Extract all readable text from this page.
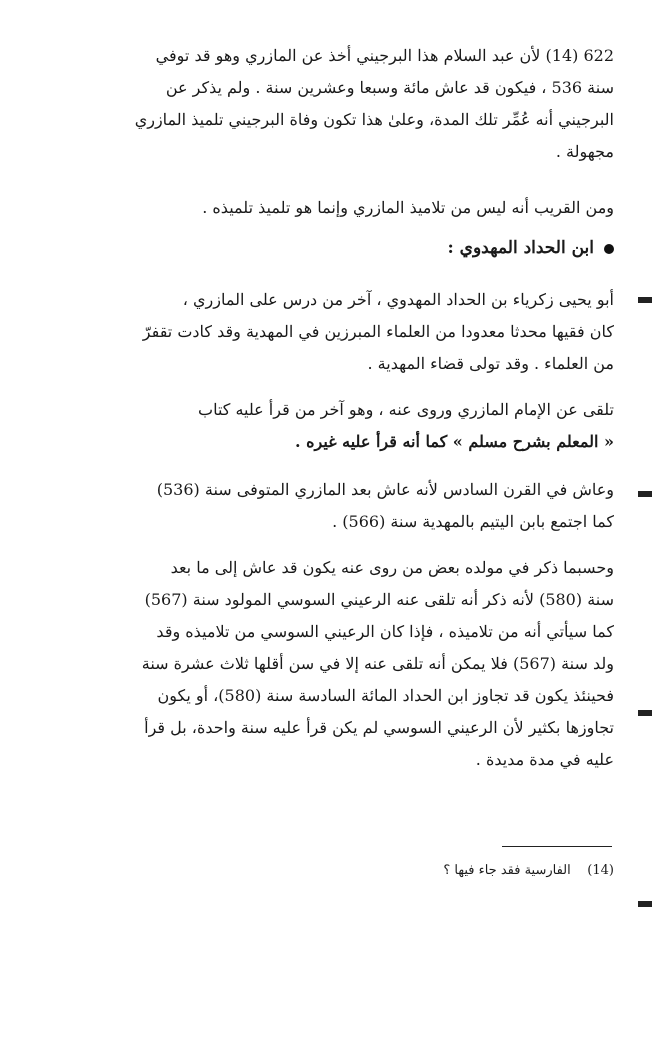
622 ‏(14)‏ لأن عبد السلام هذا البرجيني أخذ عن المازري وهو قد توفي
سنة 536 ، فيكون قد عاش مائة وسبعا وعشرين سنة . ولم يذكر عن
البرجيني أنه عُمِّر تلك المدة، وعلىٰ هذا تكون وفاة البرجيني تلميذ المازري
مجهولة .
ومن القريب أنه ليس من تلاميذ المازري وإنما هو تلميذ تلميذه .
ابن الحداد المهدوي :
أبو يحيى زكرياء بن الحداد المهدوي ، آخر من درس على المازري ،
كان فقيها محدثا معدودا من العلماء المبرزين في المهدية وقد كادت تقفرّ
من العلماء . وقد تولى قضاء المهدية .
تلقى عن الإمام المازري وروى عنه ، وهو آخر من قرأ عليه كتاب
« المعلم بشرح مسلم » كما أنه قرأ عليه غيره .
وعاش في القرن السادس لأنه عاش بعد المازري المتوفى سنة (536)
كما اجتمع بابن اليتيم بالمهدية سنة (566) .
وحسبما ذكر في مولده بعض من روى عنه يكون قد عاش إلى ما بعد
سنة (580) لأنه ذكر أنه تلقى عنه الرعيني السوسي المولود سنة (567)
كما سيأتي أنه من تلاميذه ، فإذا كان الرعيني السوسي من تلاميذه وقد
ولد سنة (567) فلا يمكن أنه تلقى عنه إلا في سن أقلها ثلاث عشرة سنة
فحينئذ يكون قد تجاوز ابن الحداد المائة السادسة سنة (580)، أو يكون
تجاوزها بكثير لأن الرعيني السوسي لم يكن قرأ عليه سنة واحدة، بل قرأ
عليه في مدة مديدة .
(14)    الفارسية فقد جاء فيها ؟
